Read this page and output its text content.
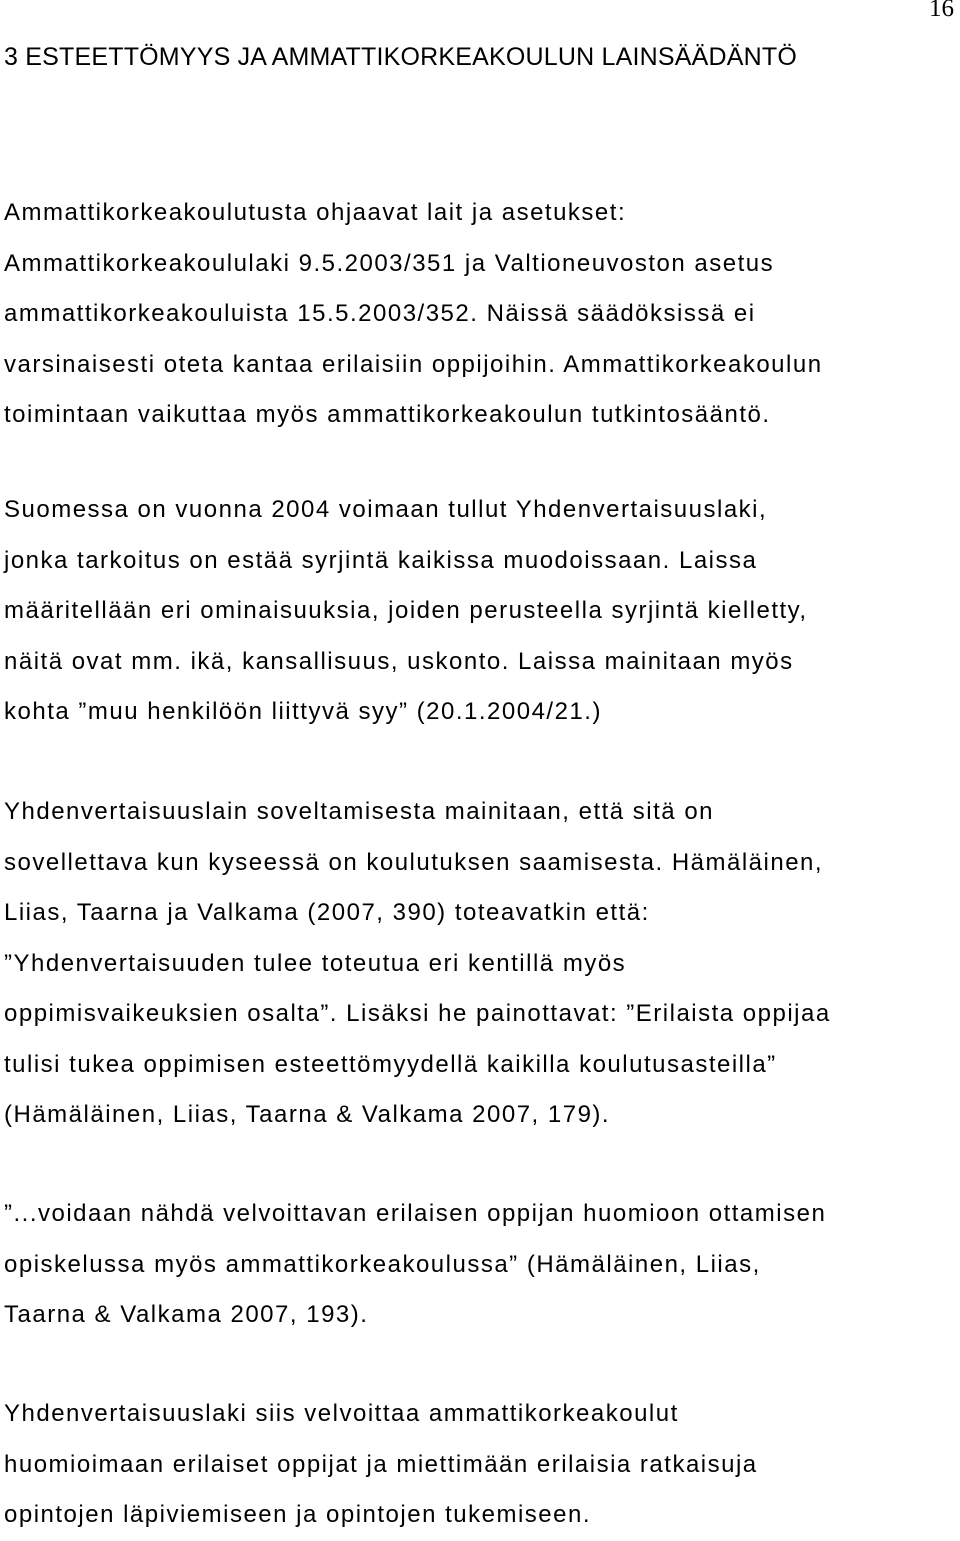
16
3 ESTEETTÖMYYS JA AMMATTIKORKEAKOULUN LAINSÄÄDÄNTÖ

Ammattikorkeakoulutusta ohjaavat lait ja asetukset:
Ammattikorkeakoululaki 9.5.2003/351 ja Valtioneuvoston asetus
ammattikorkeakouluista 15.5.2003/352. Näissä säädöksissä ei
varsinaisesti oteta kantaa erilaisiin oppijoihin. Ammattikorkeakoulun
toimintaan vaikuttaa myös ammattikorkeakoulun tutkintosääntö.

Suomessa on vuonna 2004 voimaan tullut Yhdenvertaisuuslaki,
jonka tarkoitus on estää syrjintä kaikissa muodoissaan. Laissa
määritellään eri ominaisuuksia, joiden perusteella syrjintä kielletty,
näitä ovat mm. ikä, kansallisuus, uskonto. Laissa mainitaan myös
kohta ”muu henkilöön liittyvä syy” (20.1.2004/21.)

Yhdenvertaisuuslain soveltamisesta mainitaan, että sitä on
sovellettava kun kyseessä on koulutuksen saamisesta. Hämäläinen,
Liias, Taarna ja Valkama (2007, 390) toteavatkin että:
”Yhdenvertaisuuden tulee toteutua eri kentillä myös
oppimisvaikeuksien osalta”. Lisäksi he painottavat: ”Erilaista oppijaa
tulisi tukea oppimisen esteettömyydellä kaikilla koulutusasteilla”
(Hämäläinen, Liias, Taarna & Valkama 2007, 179).

”...voidaan nähdä velvoittavan erilaisen oppijan huomioon ottamisen
opiskelussa myös ammattikorkeakoulussa” (Hämäläinen, Liias,
Taarna & Valkama 2007, 193).

Yhdenvertaisuuslaki siis velvoittaa ammattikorkeakoulut
huomioimaan erilaiset oppijat ja miettimään erilaisia ratkaisuja
opintojen läpiviemiseen ja opintojen tukemiseen.
